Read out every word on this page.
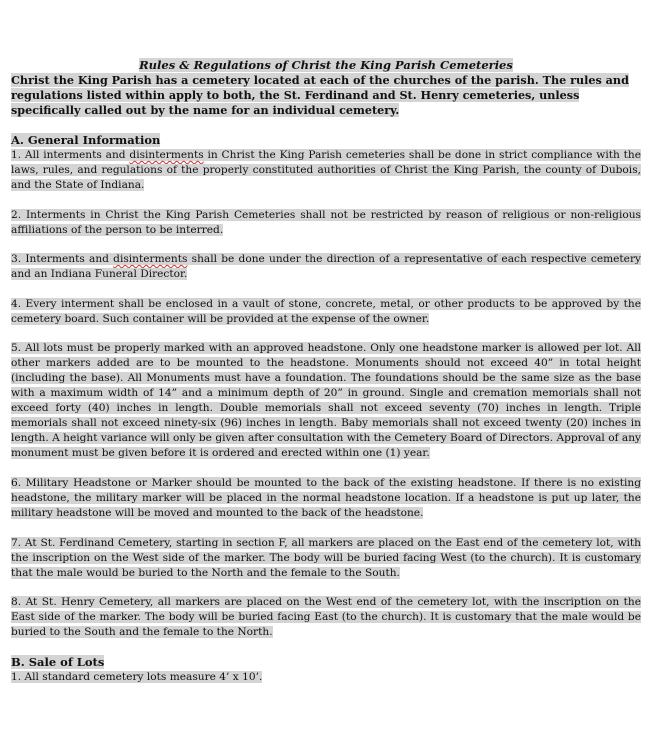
Rules & Regulations of Christ the King Parish Cemeteries

Christ the King Parish has a cemetery located at each of the churches of the parish. The rules and regulations listed within apply to both, the St. Ferdinand and St. Henry cemeteries, unless specifically called out by the name for an individual cemetery.

A. General Information

1. All interments and disinterments in Christ the King Parish cemeteries shall be done in strict compliance with the laws, rules, and regulations of the properly constituted authorities of Christ the King Parish, the county of Dubois, and the State of Indiana.

2. Interments in Christ the King Parish Cemeteries shall not be restricted by reason of religious or non-religious affiliations of the person to be interred.

3. Interments and disinterments shall be done under the direction of a representative of each respective cemetery and an Indiana Funeral Director.

4. Every interment shall be enclosed in a vault of stone, concrete, metal, or other products to be approved by the cemetery board. Such container will be provided at the expense of the owner.

5. All lots must be properly marked with an approved headstone. Only one headstone marker is allowed per lot. All other markers added are to be mounted to the headstone. Monuments should not exceed 40” in total height (including the base). All Monuments must have a foundation. The foundations should be the same size as the base with a maximum width of 14” and a minimum depth of 20” in ground. Single and cremation memorials shall not exceed forty (40) inches in length. Double memorials shall not exceed seventy (70) inches in length. Triple memorials shall not exceed ninety-six (96) inches in length. Baby memorials shall not exceed twenty (20) inches in length. A height variance will only be given after consultation with the Cemetery Board of Directors. Approval of any monument must be given before it is ordered and erected within one (1) year.

6. Military Headstone or Marker should be mounted to the back of the existing headstone. If there is no existing headstone, the military marker will be placed in the normal headstone location. If a headstone is put up later, the military headstone will be moved and mounted to the back of the headstone.

7. At St. Ferdinand Cemetery, starting in section F, all markers are placed on the East end of the cemetery lot, with the inscription on the West side of the marker. The body will be buried facing West (to the church). It is customary that the male would be buried to the North and the female to the South.

8. At St. Henry Cemetery, all markers are placed on the West end of the cemetery lot, with the inscription on the East side of the marker. The body will be buried facing East (to the church). It is customary that the male would be buried to the South and the female to the North.

B. Sale of Lots

1. All standard cemetery lots measure 4’ x 10’.
